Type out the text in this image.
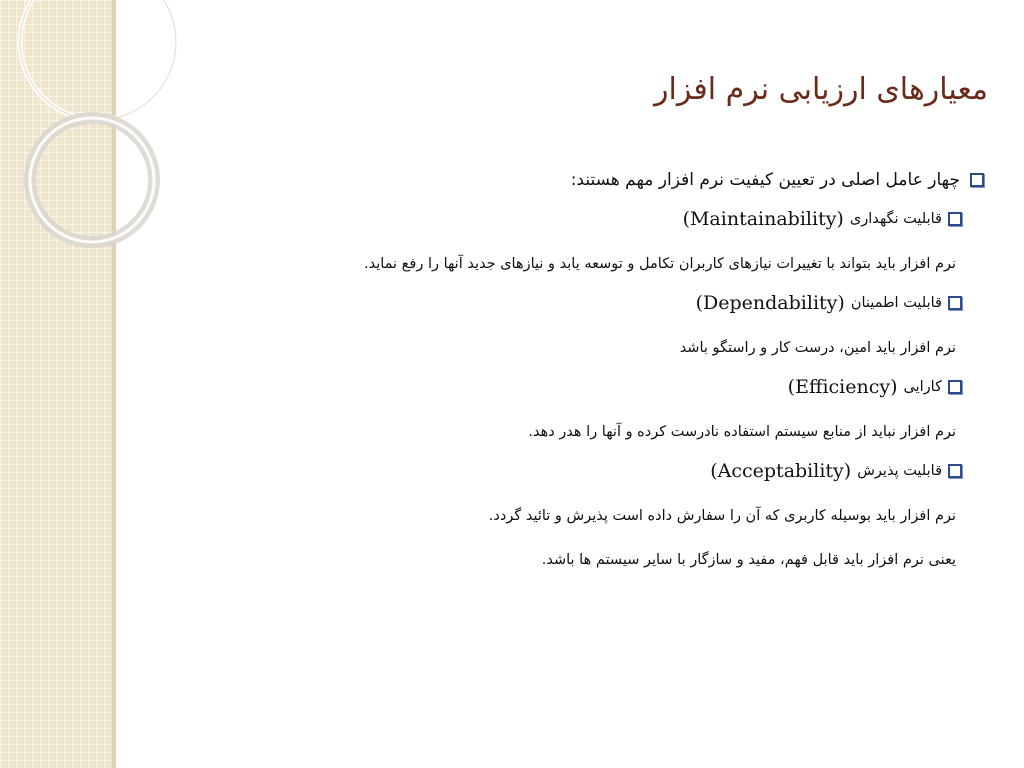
معیارهای ارزیابی نرم افزار
چهار عامل اصلی در تعیین کیفیت نرم افزار مهم هستند:
قابلیت نگهداری
(Maintainability)
نرم افزار باید بتواند با تغییرات نیازهای کاربران تکامل و توسعه یابد و نیازهای جدید آنها را رفع نماید.
قابلیت اطمینان
(Dependability)
نرم افزار باید امین، درست کار و راستگو باشد
کارایی
(Efficiency)
نرم افزار نباید از منابع سیستم استفاده نادرست کرده و آنها را هدر دهد.
قابلیت پذیرش
(Acceptability)
نرم افزار باید بوسیله کاربری که آن را سفارش داده است پذیرش و تائید گردد.
یعنی نرم افزار باید قابل فهم، مفید و سازگار با سایر سیستم ها باشد.
